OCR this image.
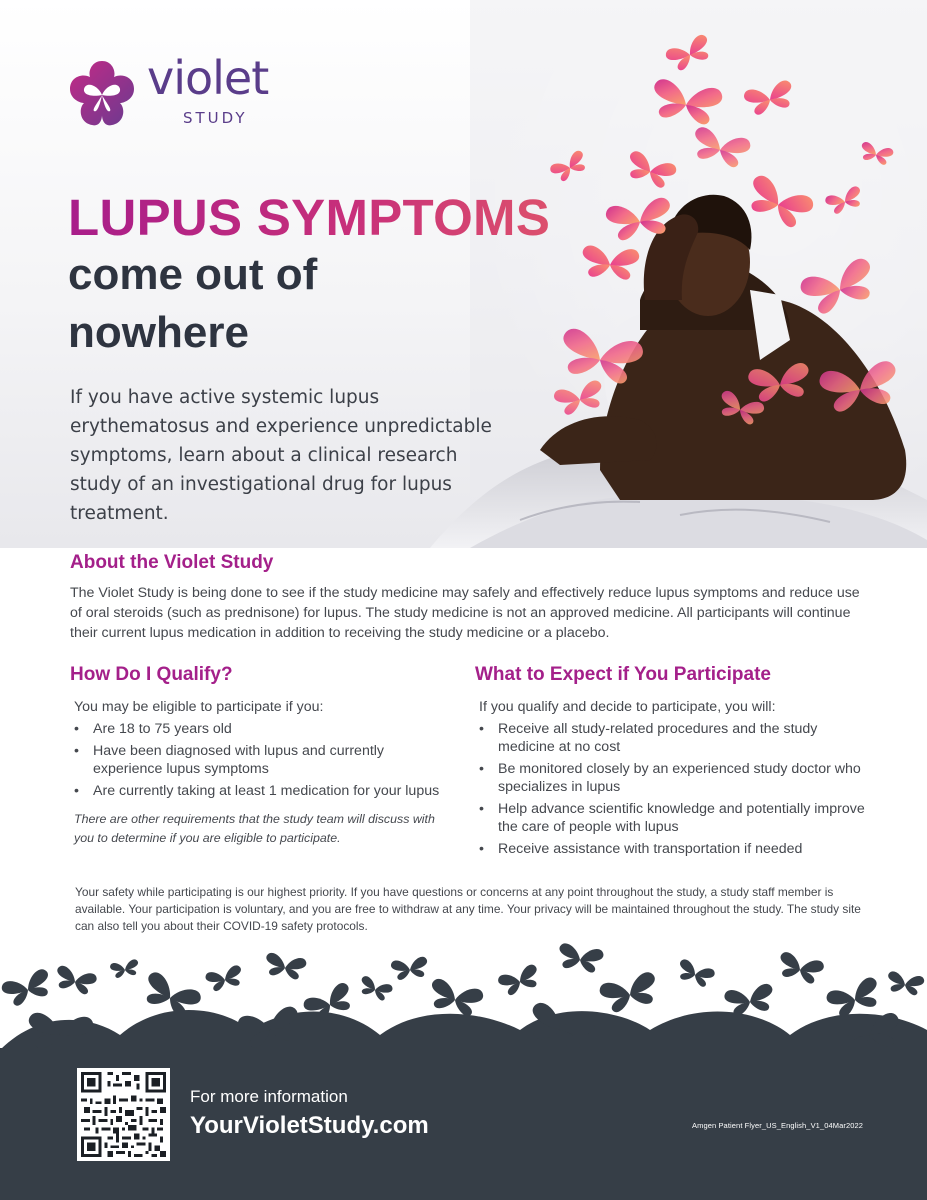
violet
STUDY
LUPUS SYMPTOMS
come out of nowhere

If you have active systemic lupus erythematosus and experience unpredictable symptoms, learn about a clinical research study of an investigational drug for lupus treatment.

About the Violet Study

The Violet Study is being done to see if the study medicine may safely and effectively reduce lupus symptoms and reduce use of oral steroids (such as prednisone) for lupus. The study medicine is not an approved medicine. All participants will continue their current lupus medication in addition to receiving the study medicine or a placebo.

How Do I Qualify?

You may be eligible to participate if you:

• Are 18 to 75 years old
• Have been diagnosed with lupus and currently experience lupus symptoms
• Are currently taking at least 1 medication for your lupus

There are other requirements that the study team will discuss with you to determine if you are eligible to participate.

What to Expect if You Participate

If you qualify and decide to participate, you will:

• Receive all study-related procedures and the study medicine at no cost
• Be monitored closely by an experienced study doctor who specializes in lupus
• Help advance scientific knowledge and potentially improve the care of people with lupus
• Receive assistance with transportation if needed

Your safety while participating is our highest priority. If you have questions or concerns at any point throughout the study, a study staff member is available. Your participation is voluntary, and you are free to withdraw at any time. Your privacy will be maintained throughout the study. The study site can also tell you about their COVID-19 safety protocols.

For more information
YourVioletStudy.com	Amgen Patient Flyer_US_English_V1_04Mar2022
